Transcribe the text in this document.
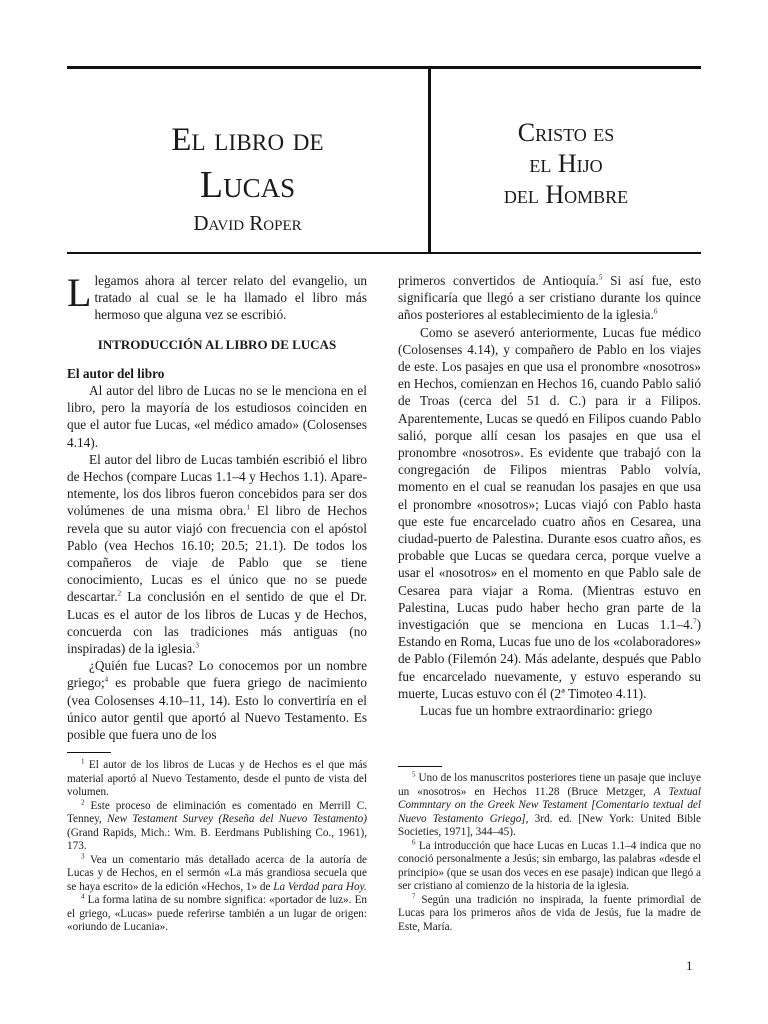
El libro de
Lucas
David Roper
Cristo es
el Hijo
del Hombre

Llegamos ahora al tercer relato del evangelio, un tratado al cual se le ha llamado el libro más hermoso que alguna vez se escribió.

INTRODUCCIÓN AL LIBRO DE LUCAS

El autor del libro

Al autor del libro de Lucas no se le menciona en el libro, pero la mayoría de los estudiosos coinciden en que el autor fue Lucas, «el médico amado» (Colosenses 4.14).

El autor del libro de Lucas también escribió el libro de Hechos (compare Lucas 1.1–4 y Hechos 1.1). Aparentemente, los dos libros fueron concebidos para ser dos volúmenes de una misma obra.$^1$ El libro de Hechos revela que su autor viajó con frecuencia con el apóstol Pablo (vea Hechos 16.10; 20.5; 21.1). De todos los compañeros de viaje de Pablo que se tiene conocimiento, Lucas es el único que no se puede descartar.$^2$ La conclusión en el sentido de que el Dr. Lucas es el autor de los libros de Lucas y de Hechos, concuerda con las tradiciones más antiguas (no inspiradas) de la iglesia.$^3$

¿Quién fue Lucas? Lo conocemos por un nombre griego;$^4$ es probable que fuera griego de nacimiento (vea Colosenses 4.10–11, 14). Esto lo convertiría en el único autor gentil que aportó al Nuevo Testamento. Es posible que fuera uno de los

primeros convertidos de Antioquía.$^5$ Si así fue, esto significaría que llegó a ser cristiano durante los quince años posteriores al establecimiento de la iglesia.$^6$

Como se aseveró anteriormente, Lucas fue médico (Colosenses 4.14), y compañero de Pablo en los viajes de este. Los pasajes en que usa el pronombre «nosotros» en Hechos, comienzan en Hechos 16, cuando Pablo salió de Troas (cerca del 51 d. C.) para ir a Filipos. Aparentemente, Lucas se quedó en Filipos cuando Pablo salió, porque allí cesan los pasajes en que usa el pronombre «nosotros». Es evidente que trabajó con la congregación de Filipos mientras Pablo volvía, momento en el cual se reanudan los pasajes en que usa el pronombre «nosotros»; Lucas viajó con Pablo hasta que este fue encarcelado cuatro años en Cesarea, una ciudad-puerto de Palestina. Durante esos cuatro años, es probable que Lucas se quedara cerca, porque vuelve a usar el «nosotros» en el momento en que Pablo sale de Cesarea para viajar a Roma. (Mientras estuvo en Palestina, Lucas pudo haber hecho gran parte de la investigación que se menciona en Lucas 1.1–4.$^7$) Estando en Roma, Lucas fue uno de los «colaboradores» de Pablo (Filemón 24). Más adelante, después que Pablo fue encarcelado nuevamente, y estuvo esperando su muerte, Lucas estuvo con él (2ª Timoteo 4.11).

Lucas fue un hombre extraordinario: griego

$^1$ El autor de los libros de Lucas y de Hechos es el que más material aportó al Nuevo Testamento, desde el punto de vista del volumen.

$^2$ Este proceso de eliminación es comentado en Merrill C. Tenney, New Testament Survey (Reseña del Nuevo Testamento) (Grand Rapids, Mich.: Wm. B. Eerdmans Publishing Co., 1961), 173.

$^3$ Vea un comentario más detallado acerca de la autoría de Lucas y de Hechos, en el sermón «La más grandiosa secuela que se haya escrito» de la edición «Hechos, 1» de La Verdad para Hoy.

$^4$ La forma latina de su nombre significa: «portador de luz». En el griego, «Lucas» puede referirse también a un lugar de origen: «oriundo de Lucania».

$^5$ Uno de los manuscritos posteriores tiene un pasaje que incluye un «nosotros» en Hechos 11.28 (Bruce Metzger, A Textual Commntary on the Greek New Testament [Comentario textual del Nuevo Testamento Griego], 3rd. ed. [New York: United Bible Societies, 1971], 344–45).

$^6$ La introducción que hace Lucas en Lucas 1.1–4 indica que no conoció personalmente a Jesús; sin embargo, las palabras «desde el principio» (que se usan dos veces en ese pasaje) indican que llegó a ser cristiano al comienzo de la historia de la iglesia.

$^7$ Según una tradición no inspirada, la fuente primordial de Lucas para los primeros años de vida de Jesús, fue la madre de Este, María.

1
